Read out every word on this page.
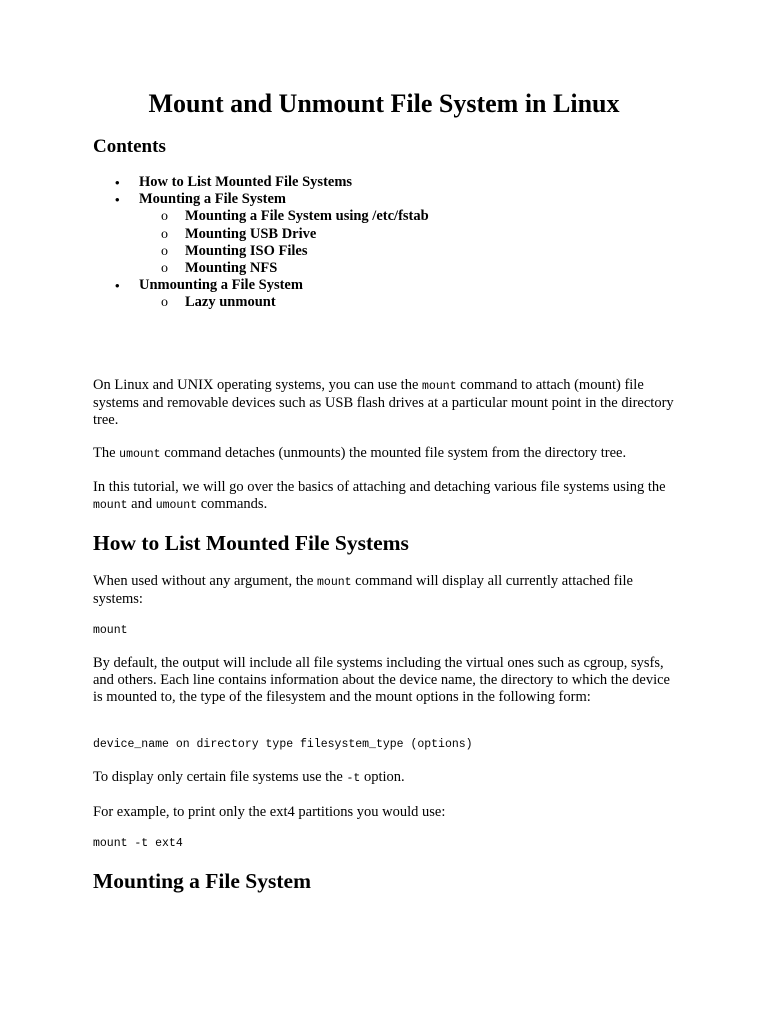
Mount and Unmount File System in Linux
Contents
• How to List Mounted File Systems
• Mounting a File System
o Mounting a File System using /etc/fstab
o Mounting USB Drive
o Mounting ISO Files
o Mounting NFS
• Unmounting a File System
o Lazy unmount

On Linux and UNIX operating systems, you can use the mount command to attach (mount) file systems and removable devices such as USB flash drives at a particular mount point in the directory tree.

The umount command detaches (unmounts) the mounted file system from the directory tree.

In this tutorial, we will go over the basics of attaching and detaching various file systems using the mount and umount commands.

How to List Mounted File Systems

When used without any argument, the mount command will display all currently attached file systems:

mount

By default, the output will include all file systems including the virtual ones such as cgroup, sysfs, and others. Each line contains information about the device name, the directory to which the device is mounted to, the type of the filesystem and the mount options in the following form:

device_name on directory type filesystem_type (options)

To display only certain file systems use the -t option.

For example, to print only the ext4 partitions you would use:

mount -t ext4
Mounting a File System
